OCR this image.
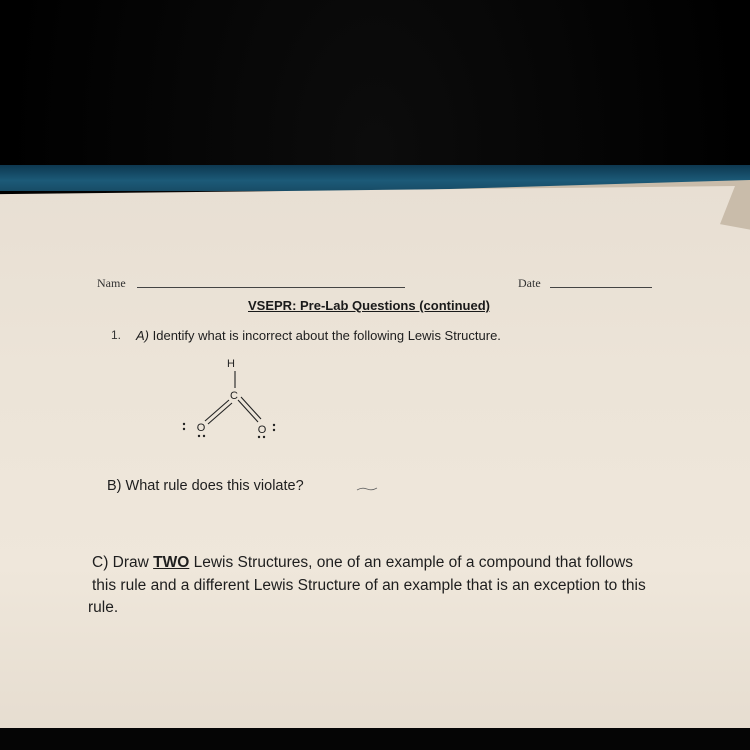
Name	Date
VSEPR: Pre-Lab Questions (continued)
1. A) Identify what is incorrect about the following Lewis Structure.
H
C
O	O
B) What rule does this violate?
C) Draw TWO Lewis Structures, one of an example of a compound that follows
this rule and a different Lewis Structure of an example that is an exception to this
rule.
